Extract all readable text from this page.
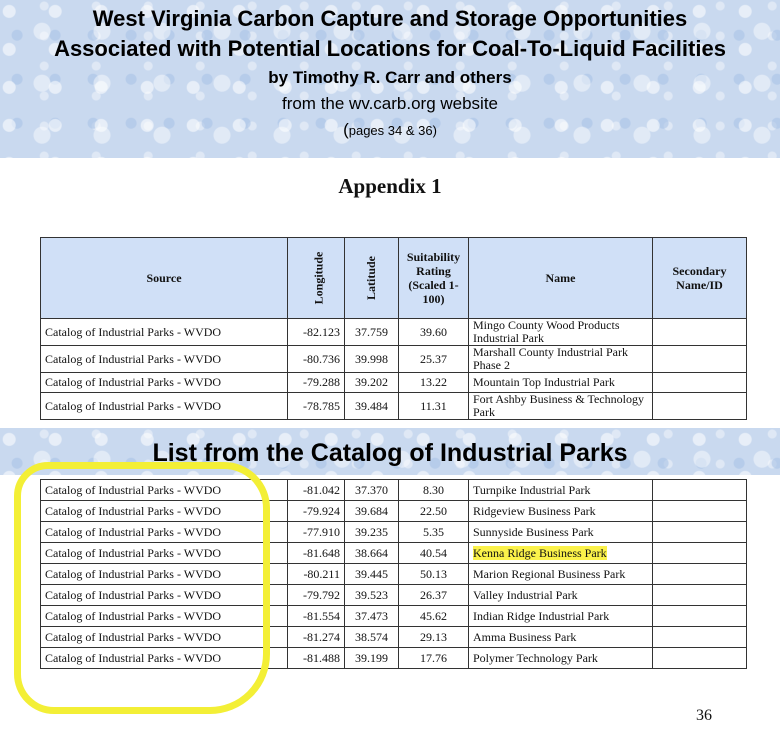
West Virginia Carbon Capture and Storage Opportunities
Associated with Potential Locations for Coal-To-Liquid Facilities
by Timothy R. Carr and others
from the wv.carb.org website
(pages 34 & 36)
Appendix 1
Source	Longitude	Latitude	Suitability Rating (Scaled 1-100)	Name	Secondary Name/ID
Catalog of Industrial Parks - WVDO	-82.123	37.759	39.60	Mingo County Wood Products Industrial Park	
Catalog of Industrial Parks - WVDO	-80.736	39.998	25.37	Marshall County Industrial Park Phase 2	
Catalog of Industrial Parks - WVDO	-79.288	39.202	13.22	Mountain Top Industrial Park	
Catalog of Industrial Parks - WVDO	-78.785	39.484	11.31	Fort Ashby Business & Technology Park	
List from the Catalog of Industrial Parks
Catalog of Industrial Parks - WVDO	-81.042	37.370	8.30	Turnpike Industrial Park	
Catalog of Industrial Parks - WVDO	-79.924	39.684	22.50	Ridgeview Business Park	
Catalog of Industrial Parks - WVDO	-77.910	39.235	5.35	Sunnyside Business Park	
Catalog of Industrial Parks - WVDO	-81.648	38.664	40.54	Kenna Ridge Business Park	
Catalog of Industrial Parks - WVDO	-80.211	39.445	50.13	Marion Regional Business Park	
Catalog of Industrial Parks - WVDO	-79.792	39.523	26.37	Valley Industrial Park	
Catalog of Industrial Parks - WVDO	-81.554	37.473	45.62	Indian Ridge Industrial Park	
Catalog of Industrial Parks - WVDO	-81.274	38.574	29.13	Amma Business Park	
Catalog of Industrial Parks - WVDO	-81.488	39.199	17.76	Polymer Technology Park	
36
